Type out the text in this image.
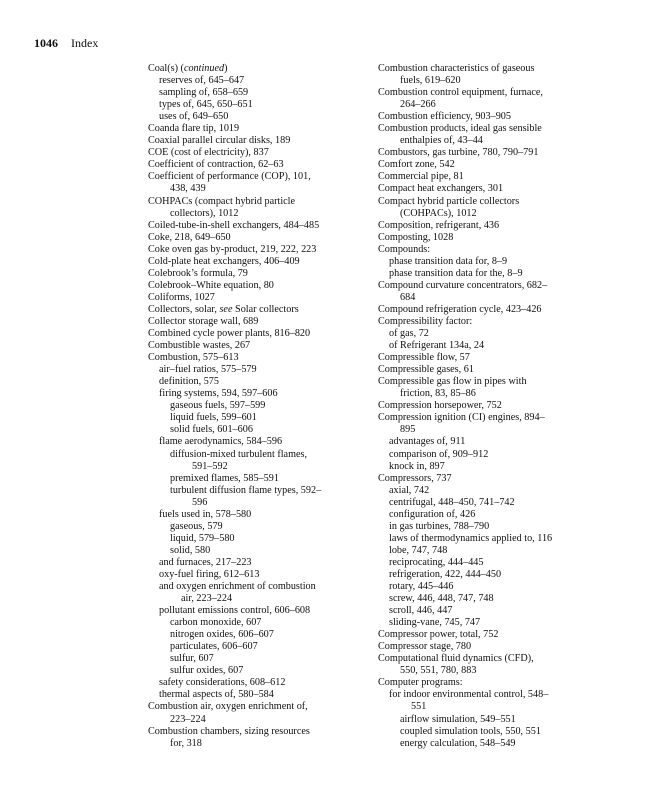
1046 Index
Coal(s) (continued)
reserves of, 645–647
sampling of, 658–659
types of, 645, 650–651
uses of, 649–650
Coanda flare tip, 1019
Coaxial parallel circular disks, 189
COE (cost of electricity), 837
Coefficient of contraction, 62–63
Coefficient of performance (COP), 101,
438, 439
COHPACs (compact hybrid particle
collectors), 1012
Coiled-tube-in-shell exchangers, 484–485
Coke, 218, 649–650
Coke oven gas by-product, 219, 222, 223
Cold-plate heat exchangers, 406–409
Colebrook’s formula, 79
Colebrook–White equation, 80
Coliforms, 1027
Collectors, solar, see Solar collectors
Collector storage wall, 689
Combined cycle power plants, 816–820
Combustible wastes, 267
Combustion, 575–613
air–fuel ratios, 575–579
definition, 575
firing systems, 594, 597–606
gaseous fuels, 597–599
liquid fuels, 599–601
solid fuels, 601–606
flame aerodynamics, 584–596
diffusion-mixed turbulent flames,
591–592
premixed flames, 585–591
turbulent diffusion flame types, 592–
596
fuels used in, 578–580
gaseous, 579
liquid, 579–580
solid, 580
and furnaces, 217–223
oxy-fuel firing, 612–613
and oxygen enrichment of combustion
air, 223–224
pollutant emissions control, 606–608
carbon monoxide, 607
nitrogen oxides, 606–607
particulates, 606–607
sulfur, 607
sulfur oxides, 607
safety considerations, 608–612
thermal aspects of, 580–584
Combustion air, oxygen enrichment of,
223–224
Combustion chambers, sizing resources
for, 318
Combustion characteristics of gaseous
fuels, 619–620
Combustion control equipment, furnace,
264–266
Combustion efficiency, 903–905
Combustion products, ideal gas sensible
enthalpies of, 43–44
Combustors, gas turbine, 780, 790–791
Comfort zone, 542
Commercial pipe, 81
Compact heat exchangers, 301
Compact hybrid particle collectors
(COHPACs), 1012
Composition, refrigerant, 436
Composting, 1028
Compounds:
phase transition data for, 8–9
phase transition data for the, 8–9
Compound curvature concentrators, 682–
684
Compound refrigeration cycle, 423–426
Compressibility factor:
of gas, 72
of Refrigerant 134a, 24
Compressible flow, 57
Compressible gases, 61
Compressible gas flow in pipes with
friction, 83, 85–86
Compression horsepower, 752
Compression ignition (CI) engines, 894–
895
advantages of, 911
comparison of, 909–912
knock in, 897
Compressors, 737
axial, 742
centrifugal, 448–450, 741–742
configuration of, 426
in gas turbines, 788–790
laws of thermodynamics applied to, 116
lobe, 747, 748
reciprocating, 444–445
refrigeration, 422, 444–450
rotary, 445–446
screw, 446, 448, 747, 748
scroll, 446, 447
sliding-vane, 745, 747
Compressor power, total, 752
Compressor stage, 780
Computational fluid dynamics (CFD),
550, 551, 780, 883
Computer programs:
for indoor environmental control, 548–
551
airflow simulation, 549–551
coupled simulation tools, 550, 551
energy calculation, 548–549
